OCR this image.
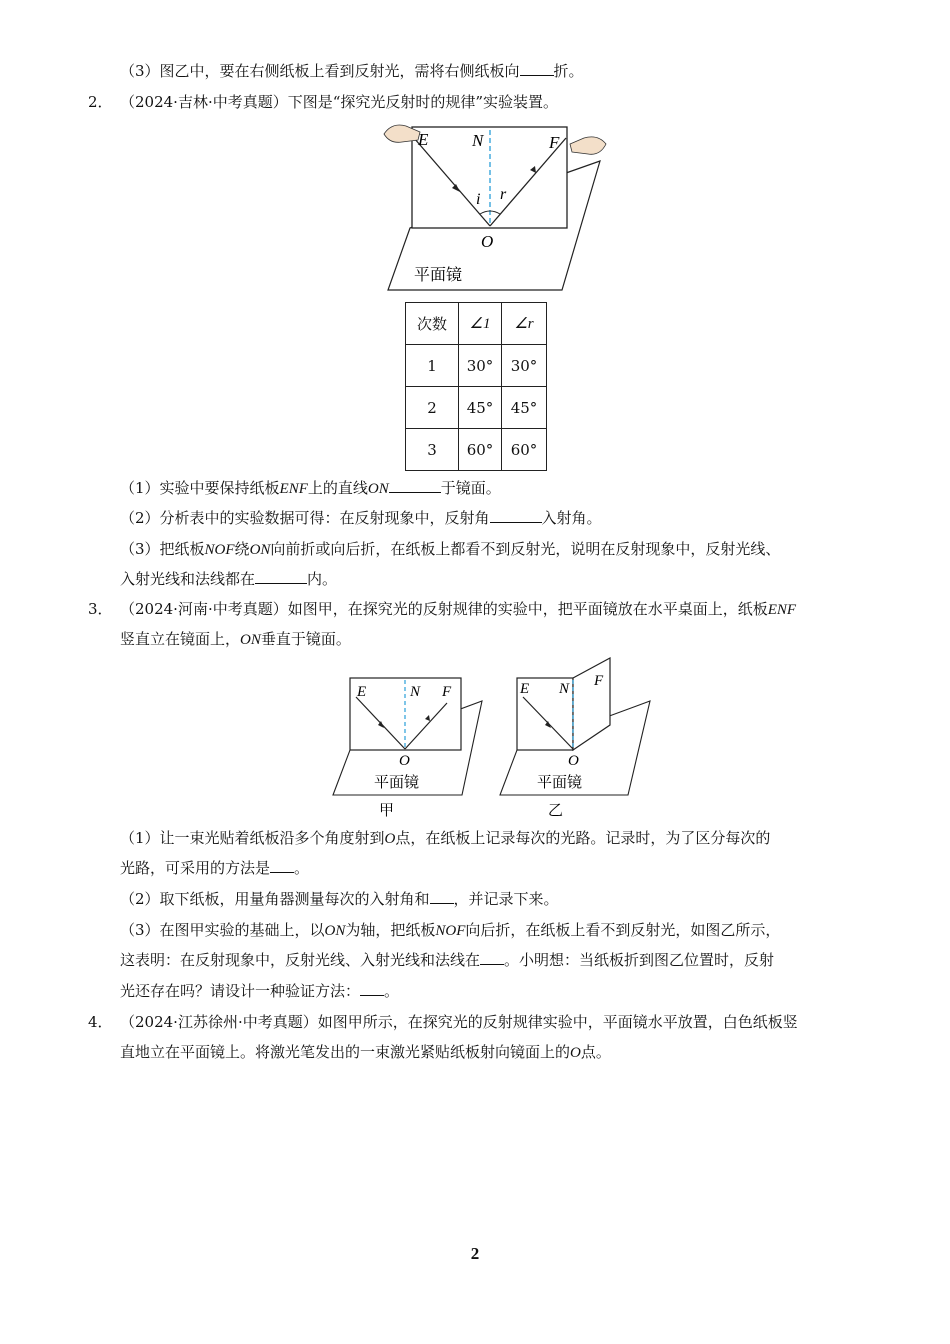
（3）图乙中，要在右侧纸板上看到反射光，需将右侧纸板向 折。
2． （2024·吉林·中考真题）下图是“探究光反射时的规律”实验装置。
E	N	F
i r
O
平面镜
次数	∠1	∠r
1	30°	30°
2	45°	45°
3	60°	60°
（1）实验中要保持纸板ENF上的直线ON	于镜面。
（2）分析表中的实验数据可得：在反射现象中，反射角	入射角。
（3）把纸板NOF绕ON向前折或向后折，在纸板上都看不到反射光，说明在反射现象中，反射光线、
入射光线和法线都在	内。
3． （2024·河南·中考真题）如图甲，在探究光的反射规律的实验中，把平面镜放在水平桌面上，纸板ENF
竖直立在镜面上，ON垂直于镜面。
E	N F
O
平面镜
甲
E N F
O
平面镜
乙
（1）让一束光贴着纸板沿多个角度射到O点，在纸板上记录每次的光路。记录时，为了区分每次的
光路，可采用的方法是 。
（2）取下纸板，用量角器测量每次的入射角和 ，并记录下来。
（3）在图甲实验的基础上，以ON为轴，把纸板NOF向后折，在纸板上看不到反射光，如图乙所示，
这表明：在反射现象中，反射光线、入射光线和法线在 。小明想：当纸板折到图乙位置时，反射
光还存在吗？请设计一种验证方法： 。
4． （2024·江苏徐州·中考真题）如图甲所示，在探究光的反射规律实验中，平面镜水平放置，白色纸板竖
直地立在平面镜上。将激光笔发出的一束激光紧贴纸板射向镜面上的O点。
2
